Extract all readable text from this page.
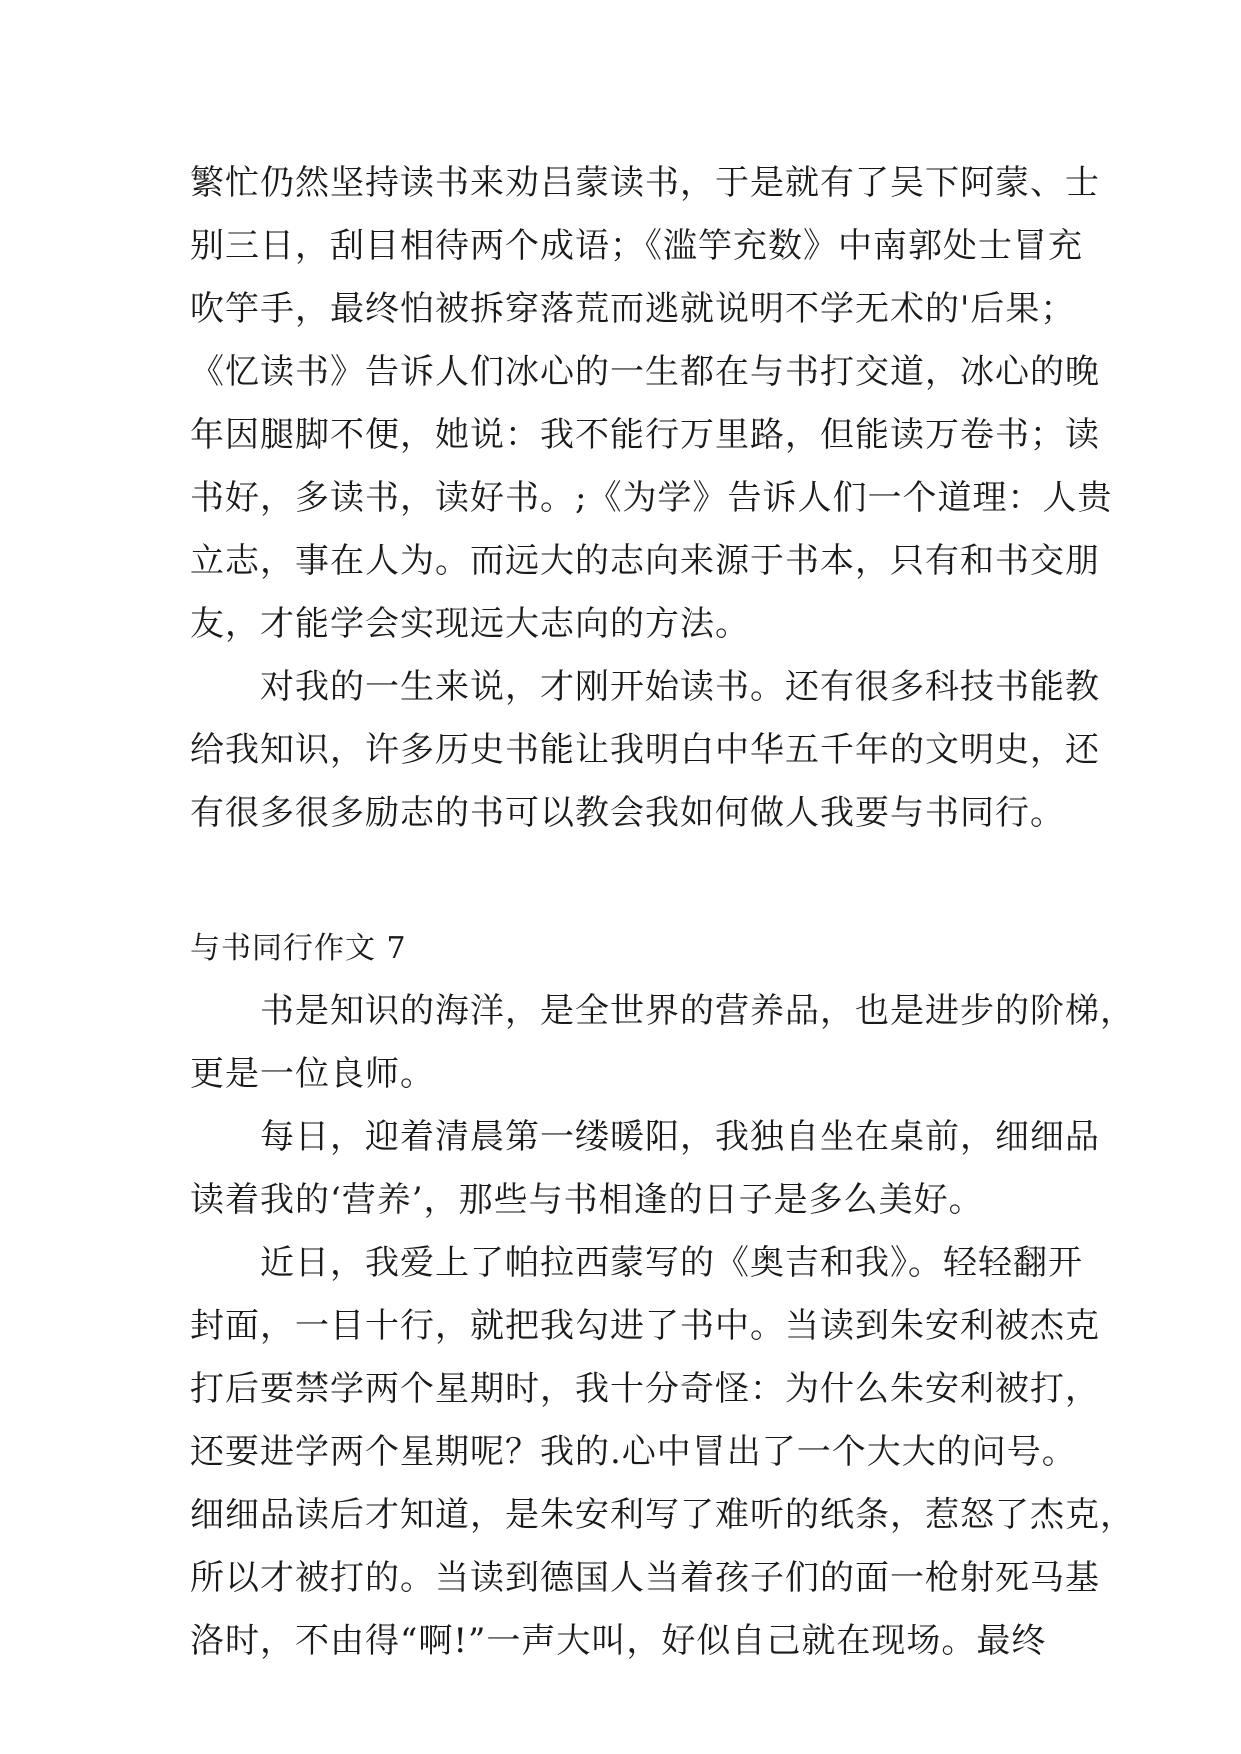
繁忙仍然坚持读书来劝吕蒙读书，于是就有了吴下阿蒙、士
别三日，刮目相待两个成语；《滥竽充数》中南郭处士冒充
吹竽手，最终怕被拆穿落荒而逃就说明不学无术的'后果；
《忆读书》告诉人们冰心的一生都在与书打交道，冰心的晚
年因腿脚不便，她说：我不能行万里路，但能读万卷书；读
书好，多读书，读好书。;《为学》告诉人们一个道理：人贵
立志，事在人为。而远大的志向来源于书本，只有和书交朋
友，才能学会实现远大志向的方法。
　　对我的一生来说，才刚开始读书。还有很多科技书能教
给我知识，许多历史书能让我明白中华五千年的文明史，还
有很多很多励志的书可以教会我如何做人我要与书同行。
与书同行作文 7
　　书是知识的海洋，是全世界的营养品，也是进步的阶梯，
更是一位良师。
　　每日，迎着清晨第一缕暖阳，我独自坐在桌前，细细品
读着我的‘营养’，那些与书相逢的日子是多么美好。
　　近日，我爱上了帕拉西蒙写的《奥吉和我》。轻轻翻开
封面，一目十行，就把我勾进了书中。当读到朱安利被杰克
打后要禁学两个星期时，我十分奇怪：为什么朱安利被打，
还要进学两个星期呢？我的.心中冒出了一个大大的问号。
细细品读后才知道，是朱安利写了难听的纸条，惹怒了杰克，
所以才被打的。当读到德国人当着孩子们的面一枪射死马基
洛时，不由得“啊!”一声大叫，好似自己就在现场。最终
